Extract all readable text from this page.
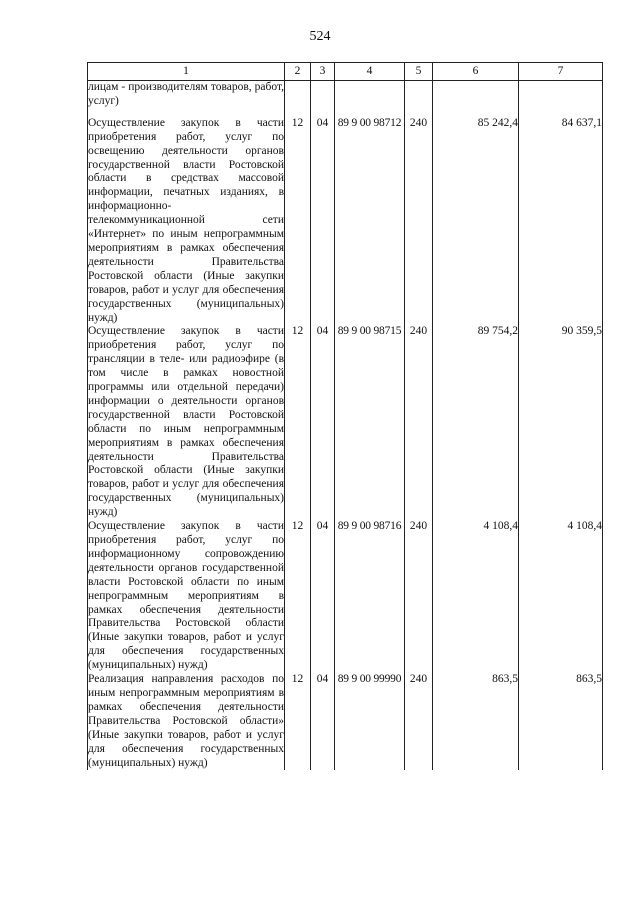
524
1	2	3	4	5	6	7
лицам - производителям товаров, работ, услуг)						
Осуществление закупок в части приобретения работ, услуг по освещению деятельности органов государственной власти Ростовской области в средствах массовой информации, печатных изданиях, в информационно-телекоммуникационной сети «Интернет» по иным непрограммным мероприятиям в рамках обеспечения деятельности Правительства Ростовской области (Иные закупки товаров, работ и услуг для обеспечения государственных (муниципальных) нужд)	12	04	89 9 00 98712	240	85 242,4	84 637,1
Осуществление закупок в части приобретения работ, услуг по трансляции в теле- или радиоэфире (в том числе в рамках новостной программы или отдельной передачи) информации о деятельности органов государственной власти Ростовской области по иным непрограммным мероприятиям в рамках обеспечения деятельности Правительства Ростовской области (Иные закупки товаров, работ и услуг для обеспечения государственных (муниципальных) нужд)	12	04	89 9 00 98715	240	89 754,2	90 359,5
Осуществление закупок в части приобретения работ, услуг по информационному сопровождению деятельности органов государственной власти Ростовской области по иным непрограммным мероприятиям в рамках обеспечения деятельности Правительства Ростовской области (Иные закупки товаров, работ и услуг для обеспечения государственных (муниципальных) нужд)	12	04	89 9 00 98716	240	4 108,4	4 108,4
Реализация направления расходов по иным непрограммным мероприятиям в рамках обеспечения деятельности Правительства Ростовской области» (Иные закупки товаров, работ и услуг для обеспечения государственных (муниципальных) нужд)	12	04	89 9 00 99990	240	863,5	863,5
